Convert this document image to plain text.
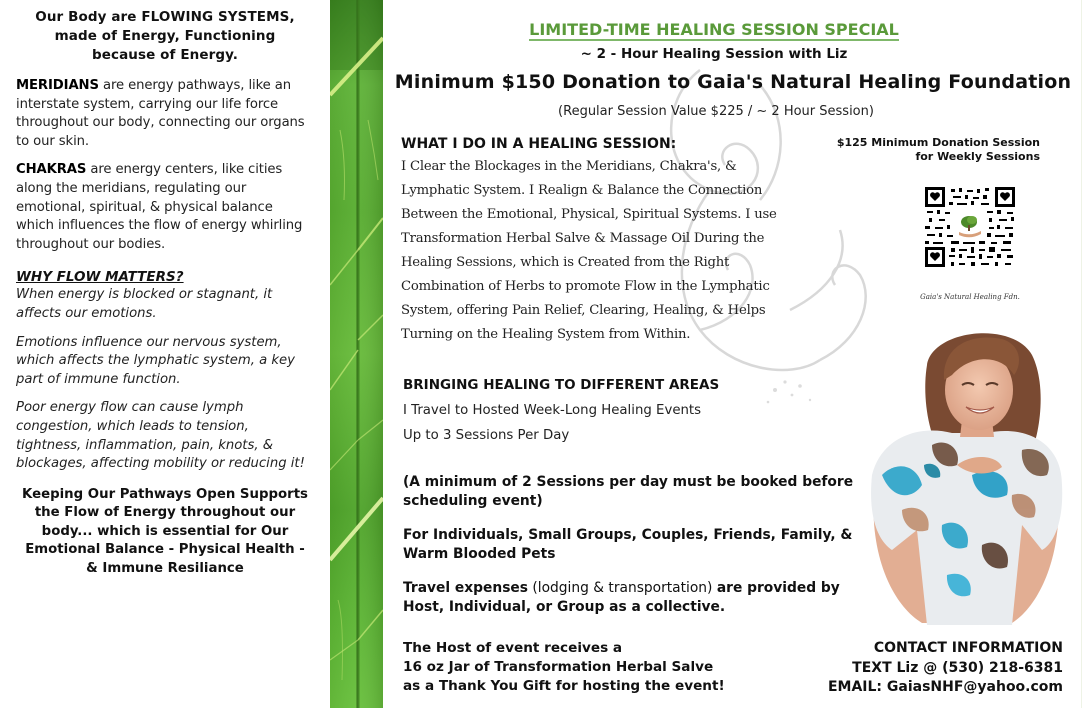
Our Body are FLOWING SYSTEMS, made of Energy, Functioning because of Energy.

MERIDIANS are energy pathways, like an interstate system, carrying our life force throughout our body, connecting our organs to our skin.

CHAKRAS are energy centers, like cities along the meridians, regulating our emotional, spiritual, & physical balance which influences the flow of energy whirling throughout our bodies.

WHY FLOW MATTERS?

When energy is blocked or stagnant, it affects our emotions.

Emotions influence our nervous system, which affects the lymphatic system, a key part of immune function.

Poor energy flow can cause lymph congestion, which leads to tension, tightness, inflammation, pain, knots, & blockages, affecting mobility or reducing it!

Keeping Our Pathways Open Supports the Flow of Energy throughout our body... which is essential for Our Emotional Balance - Physical Health - & Immune Resiliance
LIMITED-TIME HEALING SESSION SPECIAL
~ 2 - Hour Healing Session with Liz
Minimum $150 Donation to Gaia's Natural Healing Foundation
(Regular Session Value $225 / ~ 2 Hour Session)
WHAT I DO IN A HEALING SESSION:
I Clear the Blockages in the Meridians, Chakra's, &
Lymphatic System. I Realign & Balance the Connection
Between the Emotional, Physical, Spiritual Systems. I use
Transformation Herbal Salve & Massage Oil During the
Healing Sessions, which is Created from the Right
Combination of Herbs to promote Flow in the Lymphatic
System, offering Pain Relief, Clearing, Healing, & Helps
Turning on the Healing System from Within.
$125 Minimum Donation Session
for Weekly Sessions
Gaia's Natural Healing Fdn.
BRINGING HEALING TO DIFFERENT AREAS
I Travel to Hosted Week-Long Healing Events
Up to 3 Sessions Per Day
(A minimum of 2 Sessions per day must be booked before scheduling event)
For Individuals, Small Groups, Couples, Friends, Family, & Warm Blooded Pets
Travel expenses (lodging & transportation) are provided by Host, Individual, or Group as a collective.
The Host of event receives a
16 oz Jar of Transformation Herbal Salve
as a Thank You Gift for hosting the event!
CONTACT INFORMATION
TEXT Liz @ (530) 218-6381
EMAIL: GaiasNHF@yahoo.com
